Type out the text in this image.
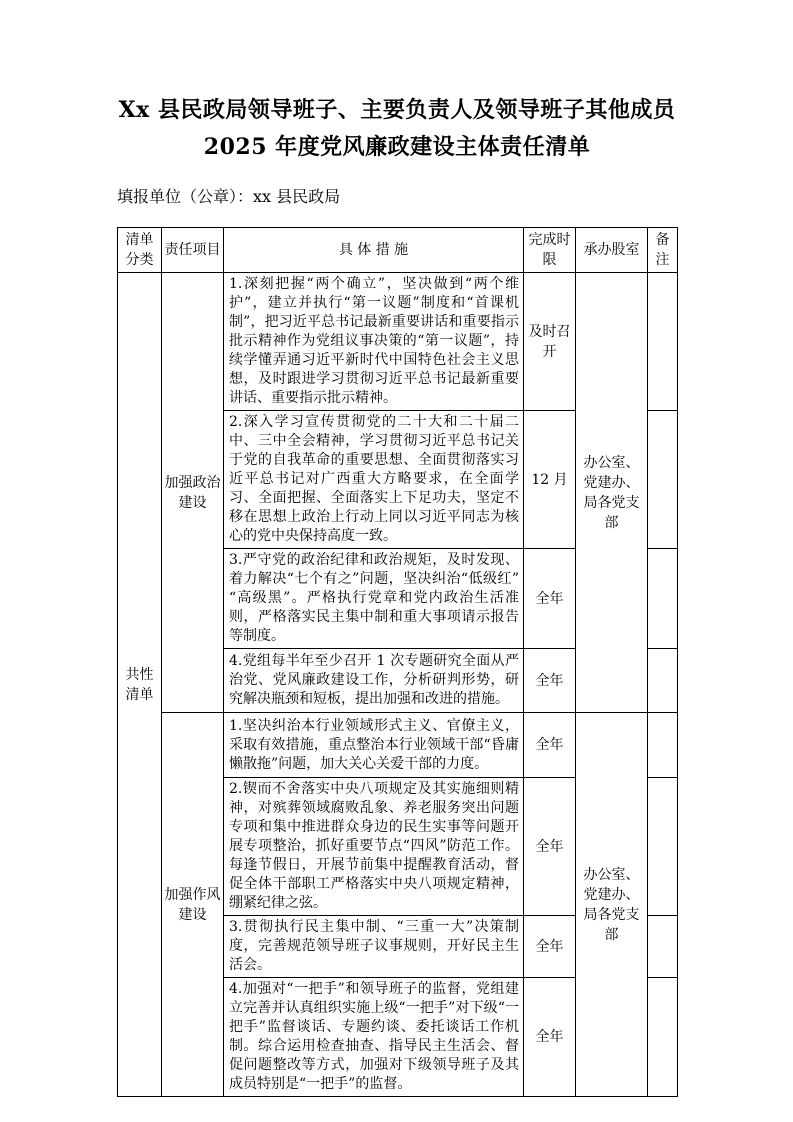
Xx 县民政局领导班子、主要负责人及领导班子其他成员 2025 年度党风廉政建设主体责任清单
填报单位（公章）：xx 县民政局
清单分类	责任项目	具 体 措 施	完成时限	承办股室	备注
共性清单	加强政治建设	1.深刻把握“两个确立”，坚决做到“两个维护”，建立并执行“第一议题”制度和“首课机制”，把习近平总书记最新重要讲话和重要指示批示精神作为党组议事决策的“第一议题”，持续学懂弄通习近平新时代中国特色社会主义思想，及时跟进学习贯彻习近平总书记最新重要讲话、重要指示批示精神。	及时召开	办公室、党建办、局各党支部	
		2.深入学习宣传贯彻党的二十大和二十届二中、三中全会精神，学习贯彻习近平总书记关于党的自我革命的重要思想、全面贯彻落实习近平总书记对广西重大方略要求，在全面学习、全面把握、全面落实上下足功夫，坚定不移在思想上政治上行动上同以习近平同志为核心的党中央保持高度一致。	12 月		
		3.严守党的政治纪律和政治规矩，及时发现、着力解决“七个有之”问题，坚决纠治“低级红”“高级黑”。严格执行党章和党内政治生活准则，严格落实民主集中制和重大事项请示报告等制度。	全年		
		4.党组每半年至少召开 1 次专题研究全面从严治党、党风廉政建设工作，分析研判形势，研究解决瓶颈和短板，提出加强和改进的措施。	全年		
	加强作风建设	1.坚决纠治本行业领域形式主义、官僚主义，采取有效措施，重点整治本行业领域干部“昏庸懒散拖”问题，加大关心关爱干部的力度。	全年	办公室、党建办、局各党支部	
		2.锲而不舍落实中央八项规定及其实施细则精神，对殡葬领域腐败乱象、养老服务突出问题专项和集中推进群众身边的民生实事等问题开展专项整治，抓好重要节点“四风”防范工作。每逢节假日，开展节前集中提醒教育活动，督促全体干部职工严格落实中央八项规定精神，绷紧纪律之弦。	全年		
		3.贯彻执行民主集中制、“三重一大”决策制度，完善规范领导班子议事规则，开好民主生活会。	全年		
		4.加强对“一把手”和领导班子的监督，党组建立完善并认真组织实施上级“一把手”对下级“一把手”监督谈话、专题约谈、委托谈话工作机制。综合运用检查抽查、指导民主生活会、督促问题整改等方式，加强对下级领导班子及其成员特别是“一把手”的监督。	全年		
